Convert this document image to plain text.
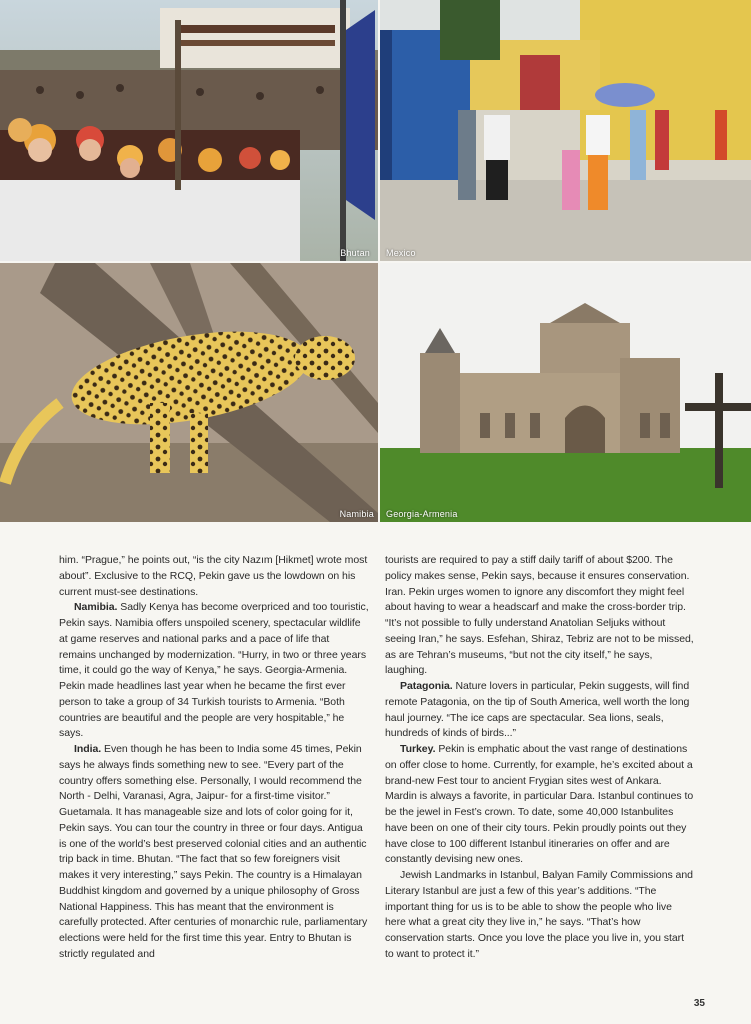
Bhutan Mexico
Namibia Georgia-Armenia

him. “Prague,” he points out, “is the city Nazım [Hikmet] wrote most about”. Exclusive to the RCQ, Pekin gave us the lowdown on his current must-see destinations.

Namibia. Sadly Kenya has become overpriced and too touristic, Pekin says. Namibia offers unspoiled scenery, spectacular wildlife at game reserves and national parks and a pace of life that remains unchanged by modernization. “Hurry, in two or three years time, it could go the way of Kenya,” he says. Georgia-Armenia. Pekin made headlines last year when he became the first ever person to take a group of 34 Turkish tourists to Armenia. “Both countries are beautiful and the people are very hospitable,” he says.

India. Even though he has been to India some 45 times, Pekin says he always finds something new to see. “Every part of the country offers something else. Personally, I would recommend the North - Delhi, Varanasi, Agra, Jaipur- for a first-time visitor.” Guetamala. It has manageable size and lots of color going for it, Pekin says. You can tour the country in three or four days. Antigua is one of the world’s best preserved colonial cities and an authentic trip back in time. Bhutan. “The fact that so few foreigners visit makes it very interesting,” says Pekin. The country is a Himalayan Buddhist kingdom and governed by a unique philosophy of Gross National Happiness. This has meant that the environment is carefully protected. After centuries of monarchic rule, parliamentary elections were held for the first time this year. Entry to Bhutan is strictly regulated and

tourists are required to pay a stiff daily tariff of about $200. The policy makes sense, Pekin says, because it ensures conservation. Iran. Pekin urges women to ignore any discomfort they might feel about having to wear a headscarf and make the cross-border trip. “It’s not possible to fully understand Anatolian Seljuks without seeing Iran,” he says. Esfehan, Shiraz, Tebriz are not to be missed, as are Tehran’s museums, “but not the city itself,” he says, laughing.

Patagonia. Nature lovers in particular, Pekin suggests, will find remote Patagonia, on the tip of South America, well worth the long haul journey. “The ice caps are spectacular. Sea lions, seals, hundreds of kinds of birds...”

Turkey. Pekin is emphatic about the vast range of destinations on offer close to home. Currently, for example, he’s excited about a brand-new Fest tour to ancient Frygian sites west of Ankara. Mardin is always a favorite, in particular Dara. Istanbul continues to be the jewel in Fest’s crown. To date, some 40,000 Istanbulites have been on one of their city tours. Pekin proudly points out they have close to 100 different Istanbul itineraries on offer and are constantly devising new ones.

Jewish Landmarks in Istanbul, Balyan Family Commissions and Literary Istanbul are just a few of this year’s additions. “The important thing for us is to be able to show the people who live here what a great city they live in,” he says. “That’s how conservation starts. Once you love the place you live in, you start to want to protect it.”

35
